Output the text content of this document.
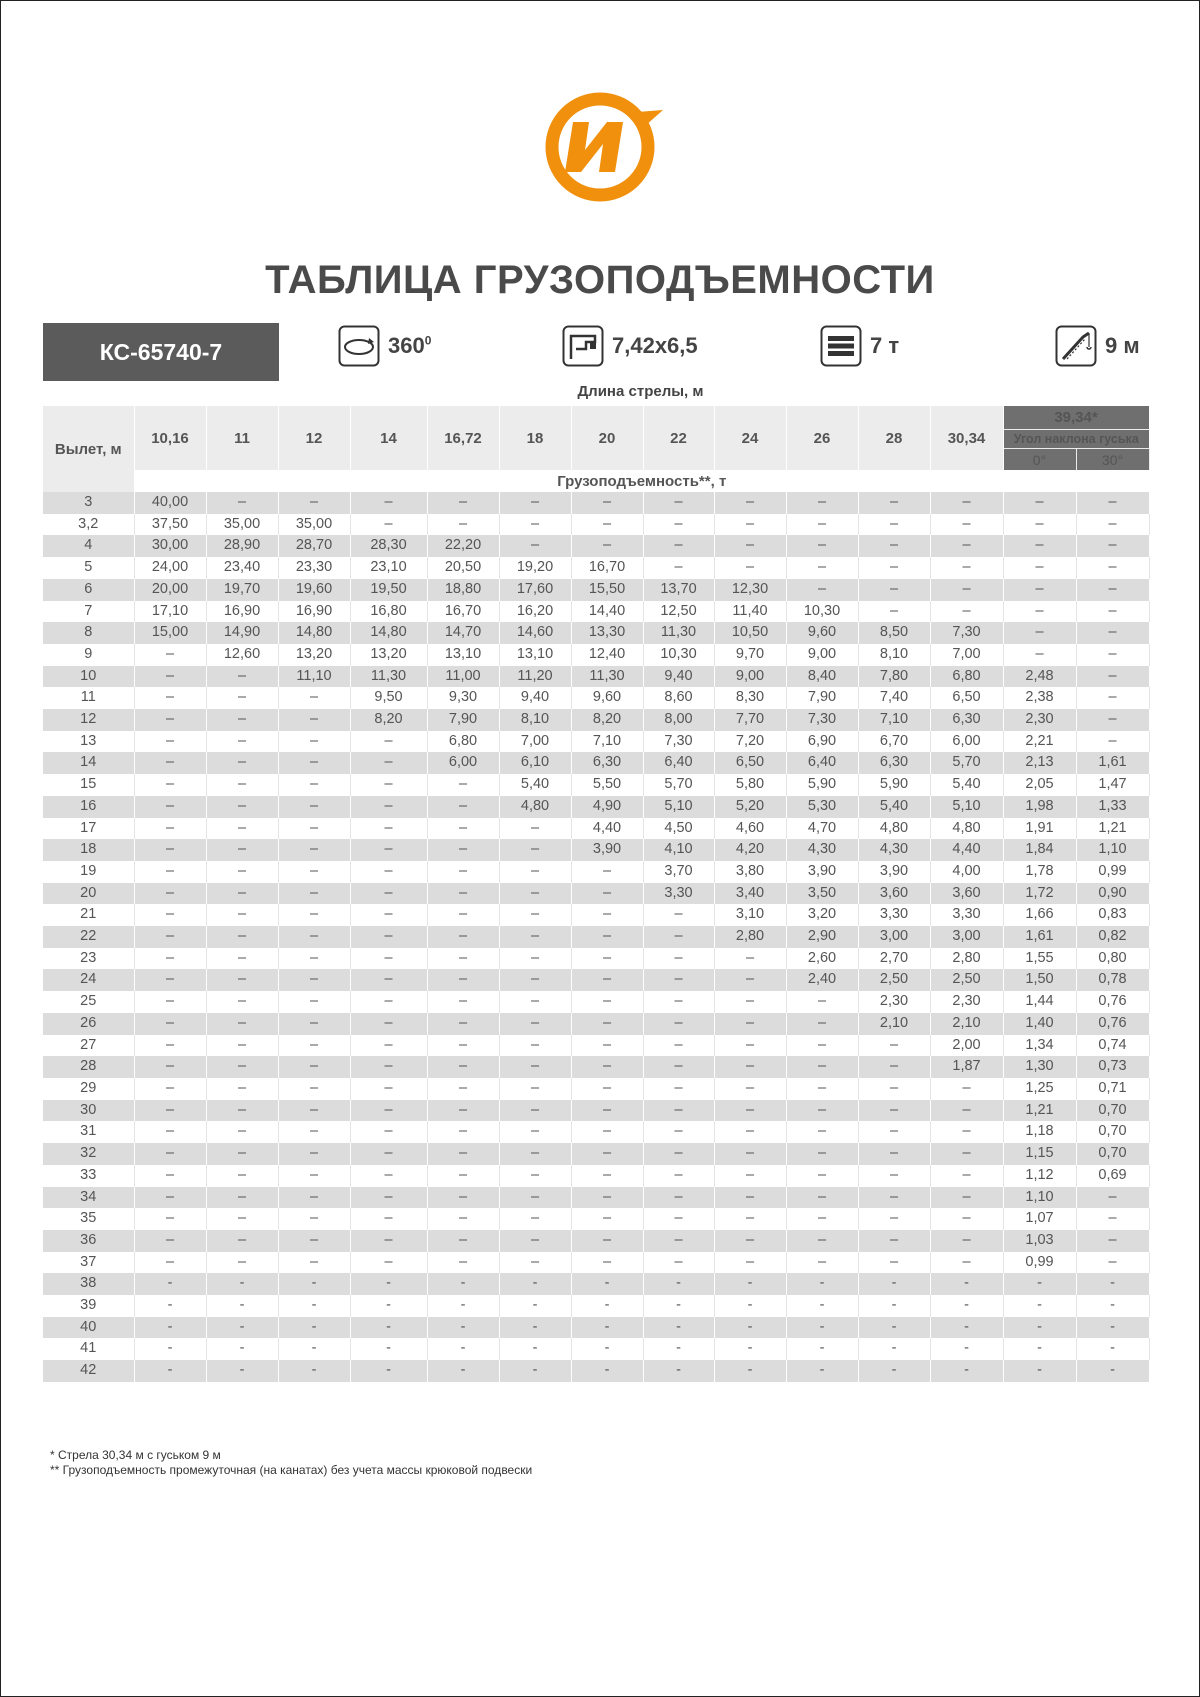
ТАБЛИЦА ГРУЗОПОДЪЕМНОСТИ
КС-65740-7	$360^0$	7,42х6,5	7 т	9 м
Длина стрелы, м
Вылет, м	10,16	11	12	14	16,72	18	20	22	24	26	28	30,34	39,34*	
													Угол наклона гуська	
													0°	30°
	Грузоподъемность**, т													
3	40,00	–	–	–	–	–	–	–	–	–	–	–	–	–
3,2	37,50	35,00	35,00	–	–	–	–	–	–	–	–	–	–	–
4	30,00	28,90	28,70	28,30	22,20	–	–	–	–	–	–	–	–	–
5	24,00	23,40	23,30	23,10	20,50	19,20	16,70	–	–	–	–	–	–	–
6	20,00	19,70	19,60	19,50	18,80	17,60	15,50	13,70	12,30	–	–	–	–	–
7	17,10	16,90	16,90	16,80	16,70	16,20	14,40	12,50	11,40	10,30	–	–	–	–
8	15,00	14,90	14,80	14,80	14,70	14,60	13,30	11,30	10,50	9,60	8,50	7,30	–	–
9	–	12,60	13,20	13,20	13,10	13,10	12,40	10,30	9,70	9,00	8,10	7,00	–	–
10	–	–	11,10	11,30	11,00	11,20	11,30	9,40	9,00	8,40	7,80	6,80	2,48	–
11	–	–	–	9,50	9,30	9,40	9,60	8,60	8,30	7,90	7,40	6,50	2,38	–
12	–	–	–	8,20	7,90	8,10	8,20	8,00	7,70	7,30	7,10	6,30	2,30	–
13	–	–	–	–	6,80	7,00	7,10	7,30	7,20	6,90	6,70	6,00	2,21	–
14	–	–	–	–	6,00	6,10	6,30	6,40	6,50	6,40	6,30	5,70	2,13	1,61
15	–	–	–	–	–	5,40	5,50	5,70	5,80	5,90	5,90	5,40	2,05	1,47
16	–	–	–	–	–	4,80	4,90	5,10	5,20	5,30	5,40	5,10	1,98	1,33
17	–	–	–	–	–	–	4,40	4,50	4,60	4,70	4,80	4,80	1,91	1,21
18	–	–	–	–	–	–	3,90	4,10	4,20	4,30	4,30	4,40	1,84	1,10
19	–	–	–	–	–	–	–	3,70	3,80	3,90	3,90	4,00	1,78	0,99
20	–	–	–	–	–	–	–	3,30	3,40	3,50	3,60	3,60	1,72	0,90
21	–	–	–	–	–	–	–	–	3,10	3,20	3,30	3,30	1,66	0,83
22	–	–	–	–	–	–	–	–	2,80	2,90	3,00	3,00	1,61	0,82
23	–	–	–	–	–	–	–	–	–	2,60	2,70	2,80	1,55	0,80
24	–	–	–	–	–	–	–	–	–	2,40	2,50	2,50	1,50	0,78
25	–	–	–	–	–	–	–	–	–	–	2,30	2,30	1,44	0,76
26	–	–	–	–	–	–	–	–	–	–	2,10	2,10	1,40	0,76
27	–	–	–	–	–	–	–	–	–	–	–	2,00	1,34	0,74
28	–	–	–	–	–	–	–	–	–	–	–	1,87	1,30	0,73
29	–	–	–	–	–	–	–	–	–	–	–	–	1,25	0,71
30	–	–	–	–	–	–	–	–	–	–	–	–	1,21	0,70
31	–	–	–	–	–	–	–	–	–	–	–	–	1,18	0,70
32	–	–	–	–	–	–	–	–	–	–	–	–	1,15	0,70
33	–	–	–	–	–	–	–	–	–	–	–	–	1,12	0,69
34	–	–	–	–	–	–	–	–	–	–	–	–	1,10	–
35	–	–	–	–	–	–	–	–	–	–	–	–	1,07	–
36	–	–	–	–	–	–	–	–	–	–	–	–	1,03	–
37	–	–	–	–	–	–	–	–	–	–	–	–	0,99	–
38	-	-	-	-	-	-	-	-	-	-	-	-	-	-
39	-	-	-	-	-	-	-	-	-	-	-	-	-	-
40	-	-	-	-	-	-	-	-	-	-	-	-	-	-
41	-	-	-	-	-	-	-	-	-	-	-	-	-	-
42	-	-	-	-	-	-	-	-	-	-	-	-	-	-
* Стрела 30,34 м с гуськом 9 м
** Грузоподъемность промежуточная (на канатах) без учета массы крюковой подвески
